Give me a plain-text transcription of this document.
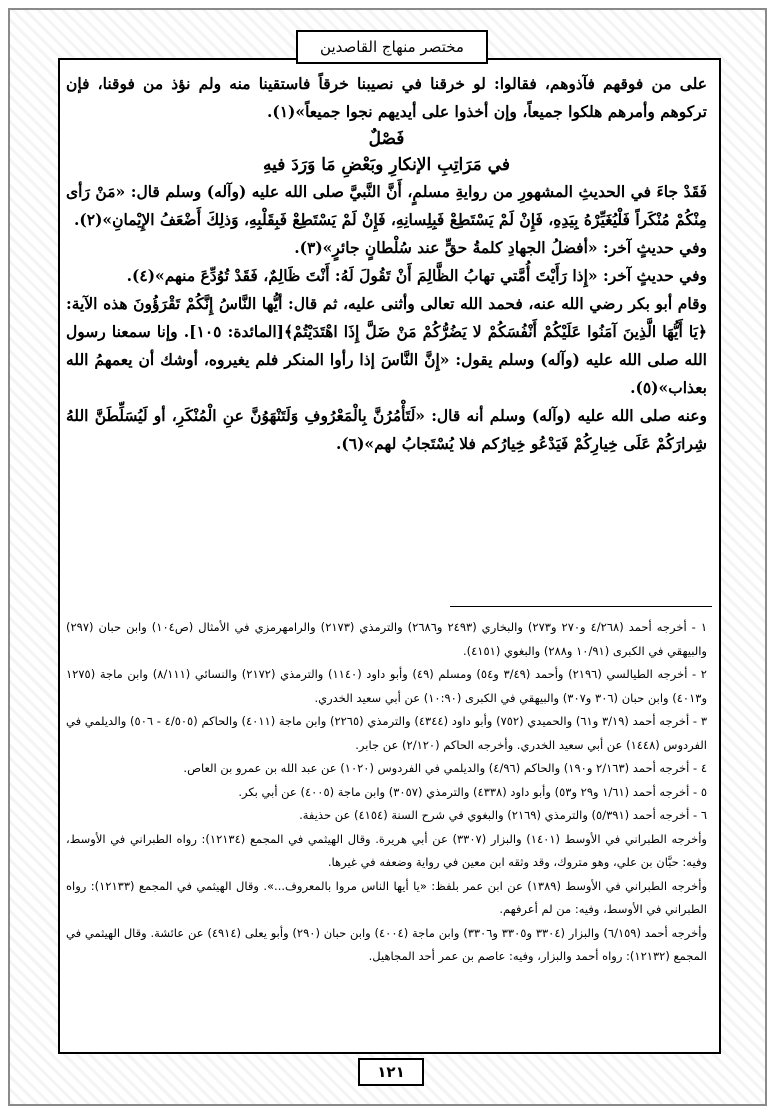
مختصر منهاج القاصدين

على من فوقهم فآذوهم، فقالوا: لو خرقنا في نصيبنا خرقاً فاستقينا منه ولم نؤذ من فوقنا، فإن تركوهم وأمرهم هلكوا جميعاً، وإن أخذوا على أيديهم نجوا جميعاً»(١).

فَصْلٌ

في مَرَاتِبِ الإنكارِ وبَعْضِ مَا وَرَدَ فيهِ

فَقَدْ جاءَ في الحديثِ المشهورِ من روايةِ مسلمٍ، أَنَّ النَّبيَّ صلى الله عليه (وآله) وسلم قال: «مَنْ رَأى مِنْكُمْ مُنْكَراً فَلْيُغَيِّرْهُ بِيَدِهِ، فَإِنْ لَمْ يَسْتَطِعْ فَبِلِسانِهِ، فَإِنْ لَمْ يَسْتَطِعْ فَبِقَلْبِهِ، وَذلِكَ أَضْعَفُ الإِيْمانِ»(٢).

وفي حديثٍ آخر: «أفضلُ الجهادِ كلمةُ حقٍّ عند سُلْطانٍ جائرٍ»(٣).

وفي حديثٍ آخر: «إِذا رَأَيْتَ أُمَّتي تهابُ الظَّالِمَ أَنْ تَقُولَ لَهُ: أَنْتَ ظَالِمٌ، فَقَدْ تُوُدِّعَ منهم»(٤).

وقام أبو بكر رضي الله عنه، فحمد الله تعالى وأثنى عليه، ثم قال: أيُّها النَّاسُ إِنَّكُمْ تَقْرَؤُونَ هذه الآية: ﴿يَا أَيُّهَا الَّذِينَ آمَنُوا عَلَيْكُمْ أَنْفُسَكُمْ لا يَضُرُّكُمْ مَنْ ضَلَّ إِذَا اهْتَدَيْتُمْ﴾[المائدة: ١٠٥]. وإنا سمعنا رسول الله صلى الله عليه (وآله) وسلم يقول: «إِنَّ النَّاسَ إذا رأوا المنكر فلم يغيروه، أوشك أن يعمهمُ الله بعذاب»(٥).

وعنه صلى الله عليه (وآله) وسلم أنه قال: «لَتَأْمُرُنَّ بِالْمَعْرُوفِ وَلَتَنْهَوُنَّ عنِ الْمُنْكَرِ، أو لَيُسَلِّطَنَّ اللهُ شِرارَكُمْ عَلَى خِيارِكُمْ فَيَدْعُو خِيارُكم فلا يُسْتَجابُ لهم»(٦).

١ - أخرجه أحمد (٤/٢٦٨ و٢٧٠ و٢٧٣) والبخاري (٢٤٩٣ و٢٦٨٦) والترمذي (٢١٧٣) والرامهرمزي في الأمثال (ص١٠٤) وابن حبان (٢٩٧) والبيهقي في الكبرى (١٠/٩١ و٢٨٨) والبغوي (٤١٥١).

٢ - أخرجه الطيالسي (٢١٩٦) وأحمد (٣/٤٩ و٥٤) ومسلم (٤٩) وأبو داود (١١٤٠) والترمذي (٢١٧٢) والنسائي (٨/١١١) وابن ماجة (١٢٧٥ و٤٠١٣) وابن حبان (٣٠٦ و٣٠٧) والبيهقي في الكبرى (١٠:٩٠) عن أبي سعيد الخدري.

٣ - أخرجه أحمد (٣/١٩ و٦١) والحميدي (٧٥٢) وأبو داود (٤٣٤٤) والترمذي (٢٢٦٥) وابن ماجة (٤٠١١) والحاكم (٤/٥٠٥ - ٥٠٦) والديلمي في الفردوس (١٤٤٨) عن أبي سعيد الخدري. وأخرجه الحاكم (٢/١٢٠) عن جابر.

٤ - أخرجه أحمد (٢/١٦٣ و١٩٠) والحاكم (٤/٩٦) والديلمي في الفردوس (١٠٢٠) عن عبد الله بن عمرو بن العاص.

٥ - أخرجه أحمد (١/٦١ و٢٩ و٥٣) وأبو داود (٤٣٣٨) والترمذي (٣٠٥٧) وابن ماجة (٤٠٠٥) عن أبي بكر.

٦ - أخرجه أحمد (٥/٣٩١) والترمذي (٢١٦٩) والبغوي في شرح السنة (٤١٥٤) عن حذيفة.

وأخرجه الطبراني في الأوسط (١٤٠١) والبزار (٣٣٠٧) عن أبي هريرة. وقال الهيثمي في المجمع (١٢١٣٤): رواه الطبراني في الأوسط، وفيه: حبَّان بن علي، وهو متروك، وقد وثقه ابن معين في رواية وضعفه في غيرها.

وأخرجه الطبراني في الأوسط (١٣٨٩) عن ابن عمر بلفظ: «يا أيها الناس مروا بالمعروف...». وقال الهيثمي في المجمع (١٢١٣٣): رواه الطبراني في الأوسط، وفيه: من لم أعرفهم.

وأخرجه أحمد (٦/١٥٩) والبزار (٣٣٠٤ و٣٣٠٥ و٣٣٠٦) وابن ماجة (٤٠٠٤) وابن حبان (٢٩٠) وأبو يعلى (٤٩١٤) عن عائشة. وقال الهيثمي في المجمع (١٢١٣٢): رواه أحمد والبزار، وفيه: عاصم بن عمر أحد المجاهيل.

١٢١
